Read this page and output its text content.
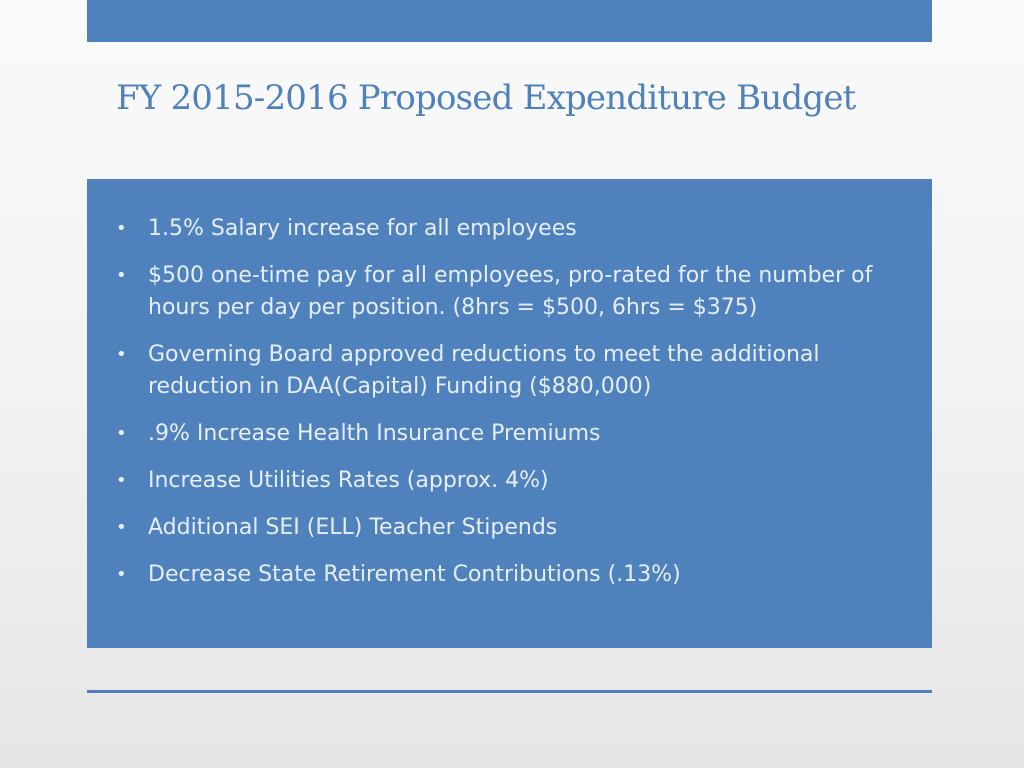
FY 2015-2016 Proposed Expenditure Budget
• 1.5% Salary increase for all employees
• $500 one-time pay for all employees, pro-rated for the number of hours per day per position. (8hrs = $500, 6hrs = $375)
• Governing Board approved reductions to meet the additional reduction in DAA(Capital) Funding ($880,000)
• .9% Increase Health Insurance Premiums
• Increase Utilities Rates (approx. 4%)
• Additional SEI (ELL) Teacher Stipends
• Decrease State Retirement Contributions (.13%)
